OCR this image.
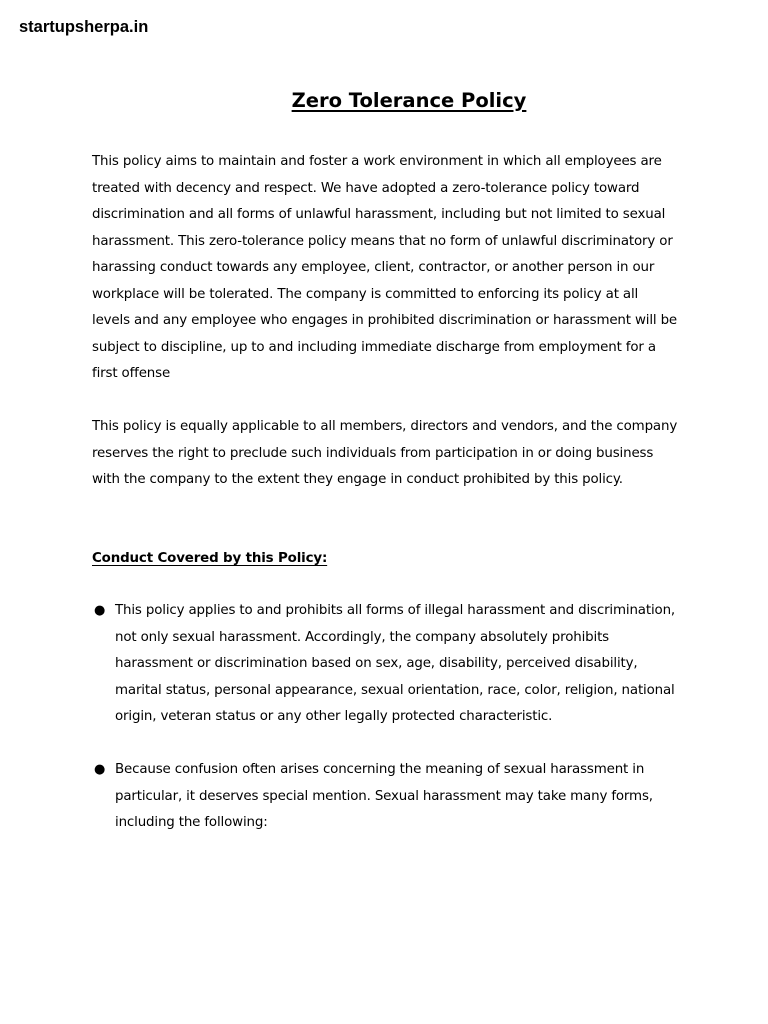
startupsherpa.in
Zero Tolerance Policy

This policy aims to maintain and foster a work environment in which all employees are treated with decency and respect. We have adopted a zero-tolerance policy toward discrimination and all forms of unlawful harassment, including but not limited to sexual harassment. This zero-tolerance policy means that no form of unlawful discriminatory or harassing conduct towards any employee, client, contractor, or another person in our workplace will be tolerated. The company is committed to enforcing its policy at all levels and any employee who engages in prohibited discrimination or harassment will be subject to discipline, up to and including immediate discharge from employment for a first offense

This policy is equally applicable to all members, directors and vendors, and the company reserves the right to preclude such individuals from participation in or doing business with the company to the extent they engage in conduct prohibited by this policy.

Conduct Covered by this Policy:
● This policy applies to and prohibits all forms of illegal harassment and discrimination, not only sexual harassment. Accordingly, the company absolutely prohibits harassment or discrimination based on sex, age, disability, perceived disability, marital status, personal appearance, sexual orientation, race, color, religion, national origin, veteran status or any other legally protected characteristic.
● Because confusion often arises concerning the meaning of sexual harassment in particular, it deserves special mention. Sexual harassment may take many forms, including the following:
